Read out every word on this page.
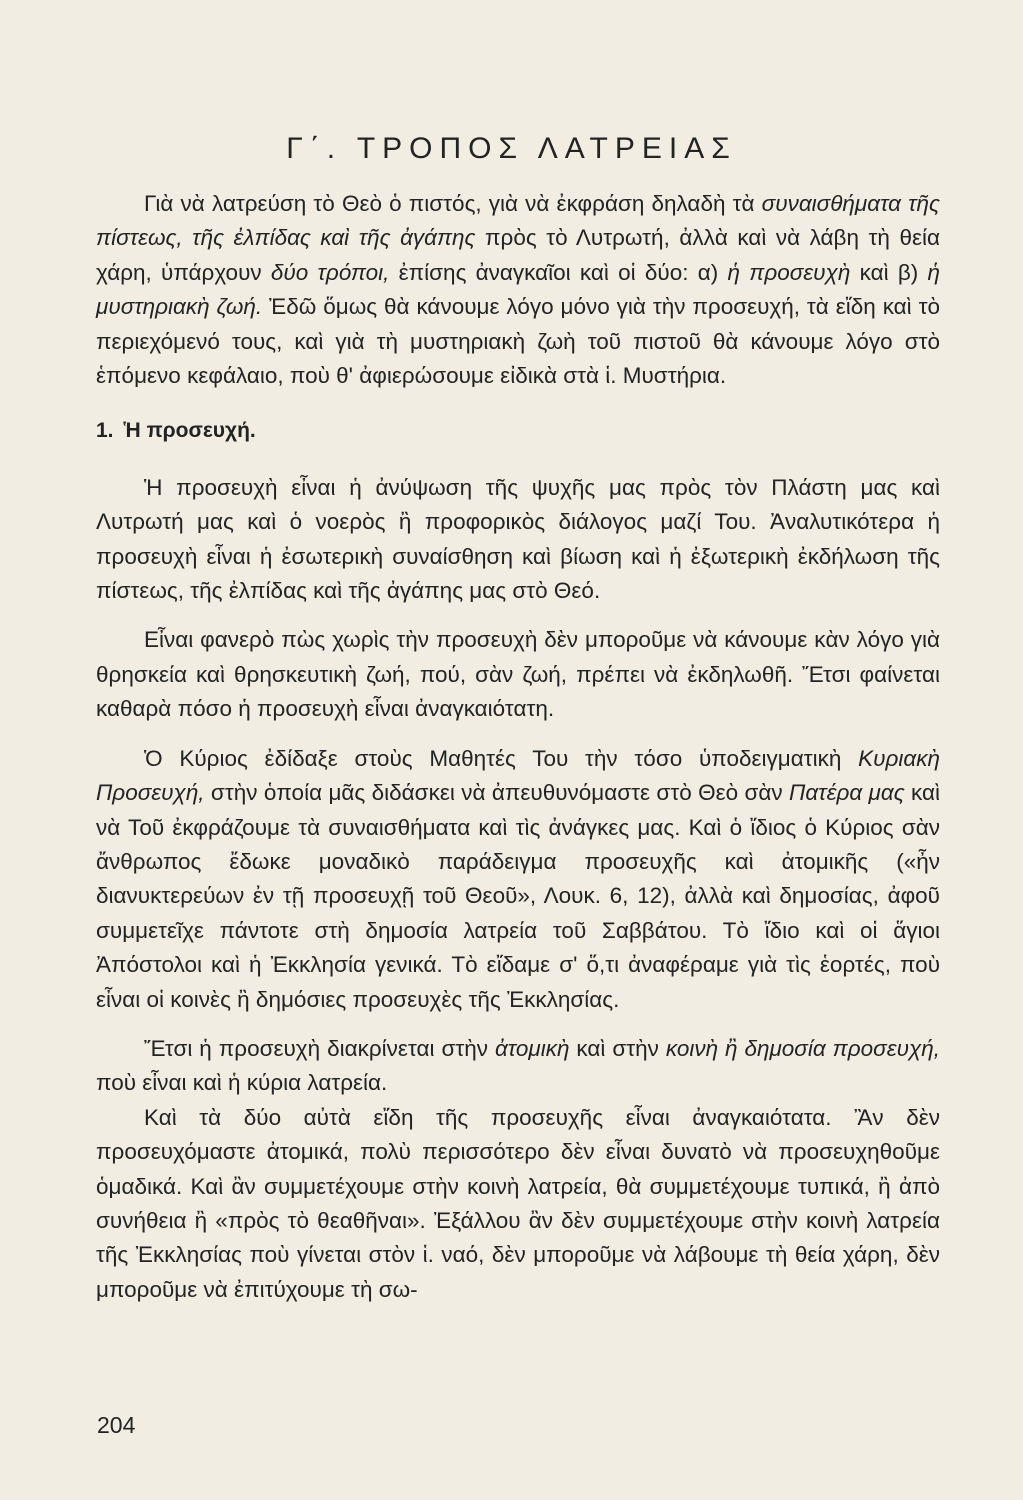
Γ΄. ΤΡΟΠΟΣ ΛΑΤΡΕΙΑΣ

Γιὰ νὰ λατρεύση τὸ Θεὸ ὁ πιστός, γιὰ νὰ ἐκφράση δηλαδὴ τὰ συναισθήματα τῆς πίστεως, τῆς ἐλπίδας καὶ τῆς ἀγάπης πρὸς τὸ Λυτρωτή, ἀλλὰ καὶ νὰ λάβη τὴ θεία χάρη, ὑπάρχουν δύο τρόποι, ἐπίσης ἀναγκαῖοι καὶ οἱ δύο: α) ἡ προσευχὴ καὶ β) ἡ μυστηριακὴ ζωή. Ἐδῶ ὅμως θὰ κάνουμε λόγο μόνο γιὰ τὴν προσευχή, τὰ εἴδη καὶ τὸ περιεχόμενό τους, καὶ γιὰ τὴ μυστηριακὴ ζωὴ τοῦ πιστοῦ θὰ κάνουμε λόγο στὸ ἑπόμενο κεφάλαιο, ποὺ θ' ἀφιερώσουμε εἰδικὰ στὰ ἱ. Μυστήρια.

1. Ἡ προσευχή.

Ἡ προσευχὴ εἶναι ἡ ἀνύψωση τῆς ψυχῆς μας πρὸς τὸν Πλάστη μας καὶ Λυτρωτή μας καὶ ὁ νοερὸς ἢ προφορικὸς διάλογος μαζί Του. Ἀναλυτικότερα ἡ προσευχὴ εἶναι ἡ ἐσωτερικὴ συναίσθηση καὶ βίωση καὶ ἡ ἐξωτερικὴ ἐκδήλωση τῆς πίστεως, τῆς ἐλπίδας καὶ τῆς ἀγάπης μας στὸ Θεό.

Εἶναι φανερὸ πὼς χωρὶς τὴν προσευχὴ δὲν μποροῦμε νὰ κάνουμε κὰν λόγο γιὰ θρησκεία καὶ θρησκευτικὴ ζωή, πού, σὰν ζωή, πρέπει νὰ ἐκδηλωθῆ. Ἔτσι φαίνεται καθαρὰ πόσο ἡ προσευχὴ εἶναι ἀναγκαιότατη.

Ὁ Κύριος ἐδίδαξε στοὺς Μαθητές Του τὴν τόσο ὑποδειγματικὴ Κυριακὴ Προσευχή, στὴν ὁποία μᾶς διδάσκει νὰ ἀπευθυνόμαστε στὸ Θεὸ σὰν Πατέρα μας καὶ νὰ Τοῦ ἐκφράζουμε τὰ συναισθήματα καὶ τὶς ἀνάγκες μας. Καὶ ὁ ἴδιος ὁ Κύριος σὰν ἄνθρωπος ἔδωκε μοναδικὸ παράδειγμα προσευχῆς καὶ ἀτομικῆς («ἦν διανυκτερεύων ἐν τῇ προσευχῇ τοῦ Θεοῦ», Λουκ. 6, 12), ἀλλὰ καὶ δημοσίας, ἀφοῦ συμμετεῖχε πάντοτε στὴ δημοσία λατρεία τοῦ Σαββάτου. Τὸ ἴδιο καὶ οἱ ἅγιοι Ἀπόστολοι καὶ ἡ Ἐκκλησία γενικά. Τὸ εἴδαμε σ' ὅ,τι ἀναφέραμε γιὰ τὶς ἑορτές, ποὺ εἶναι οἱ κοινὲς ἢ δημόσιες προσευχὲς τῆς Ἐκκλησίας.

Ἔτσι ἡ προσευχὴ διακρίνεται στὴν ἀτομικὴ καὶ στὴν κοινὴ ἢ δημοσία προσευχή, ποὺ εἶναι καὶ ἡ κύρια λατρεία.

Καὶ τὰ δύο αὐτὰ εἴδη τῆς προσευχῆς εἶναι ἀναγκαιότατα. Ἂν δὲν προσευχόμαστε ἀτομικά, πολὺ περισσότερο δὲν εἶναι δυνατὸ νὰ προσευχηθοῦμε ὁμαδικά. Καὶ ἂν συμμετέχουμε στὴν κοινὴ λατρεία, θὰ συμμετέχουμε τυπικά, ἢ ἀπὸ συνήθεια ἢ «πρὸς τὸ θεαθῆναι». Ἐξάλλου ἂν δὲν συμμετέχουμε στὴν κοινὴ λατρεία τῆς Ἐκκλησίας ποὺ γίνεται στὸν ἱ. ναό, δὲν μποροῦμε νὰ λάβουμε τὴ θεία χάρη, δὲν μποροῦμε νὰ ἐπιτύχουμε τὴ σω-

204
